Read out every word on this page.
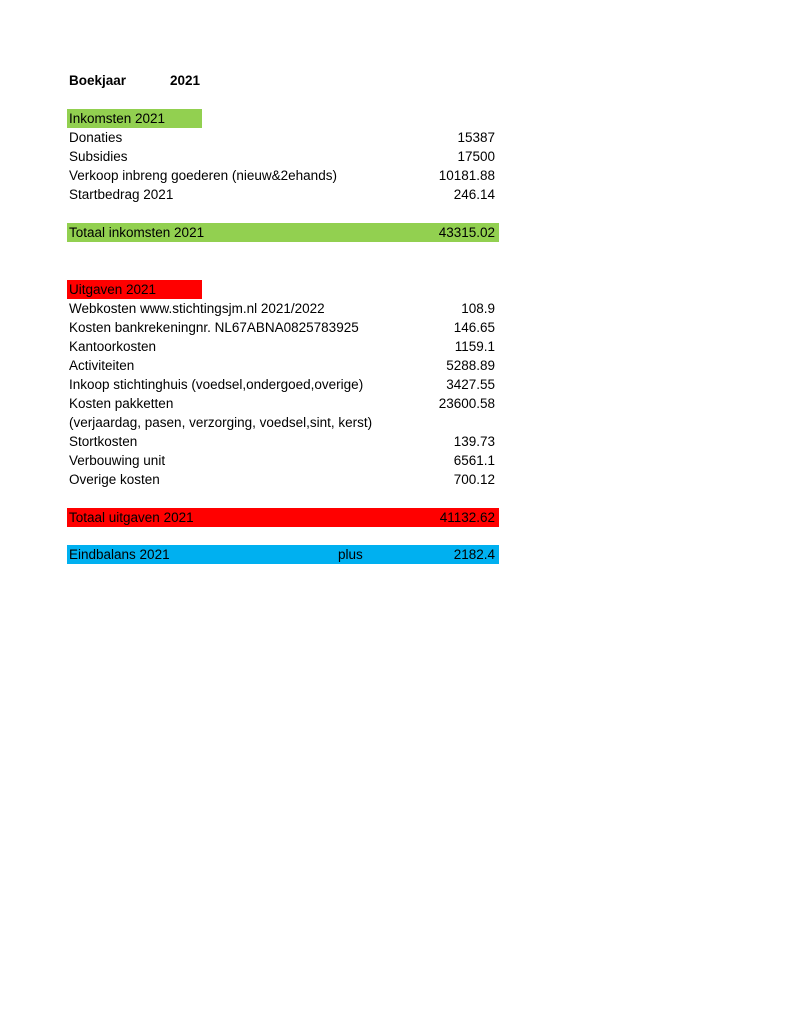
Boekjaar	2021
Inkomsten 2021
Donaties	15387
Subsidies	17500
Verkoop inbreng goederen (nieuw&2ehands)	10181.88
Startbedrag 2021	246.14
Totaal inkomsten 2021	43315.02
Uitgaven 2021
Webkosten www.stichtingsjm.nl 2021/2022	108.9
Kosten bankrekeningnr. NL67ABNA0825783925	146.65
Kantoorkosten	1159.1
Activiteiten	5288.89
Inkoop stichtinghuis (voedsel,ondergoed,overige)	3427.55
Kosten pakketten	23600.58
(verjaardag, pasen, verzorging, voedsel,sint, kerst)
Stortkosten	139.73
Verbouwing unit	6561.1
Overige kosten	700.12
Totaal uitgaven 2021	41132.62
Eindbalans 2021	plus	2182.4
